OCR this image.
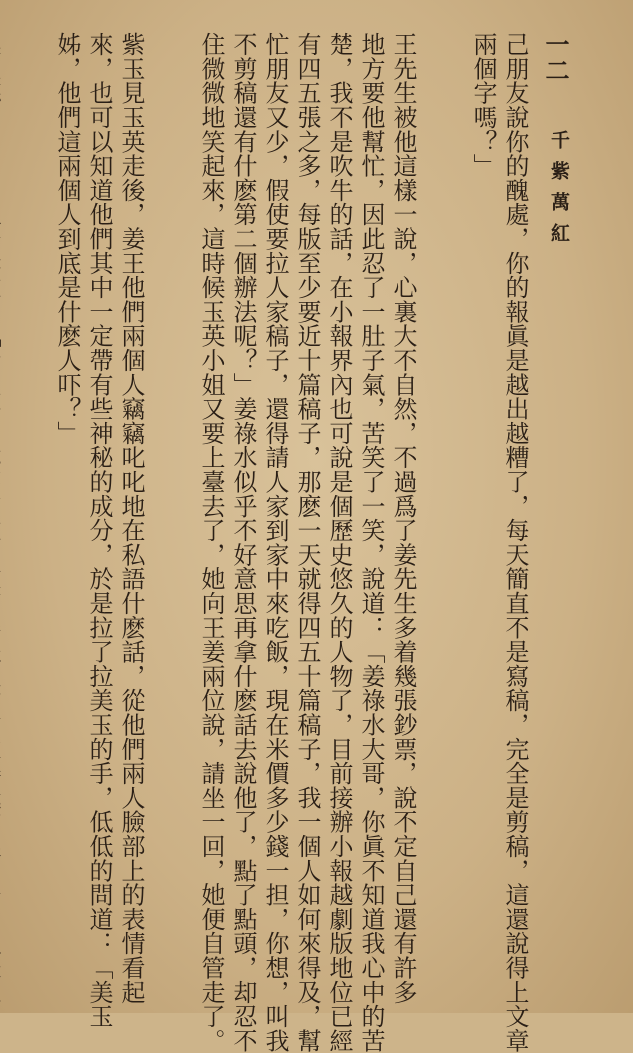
一二
千紫萬紅
己朋友說你的醜處，你的報眞是越出越糟了，每天簡直不是寫稿，完全是剪稿，這還說得上文章
兩個字嗎？」
王先生被他這樣一說，心裏大不自然，不過爲了姜先生多着幾張鈔票，說不定自己還有許多
地方要他幫忙，因此忍了一肚子氣，苦笑了一笑，說道：「姜祿水大哥，你眞不知道我心中的苦
楚，我不是吹牛的話，在小報界內也可說是個歷史悠久的人物了，目前接辦小報越劇版地位已經
有四五張之多，每版至少要近十篇稿子，那麽一天就得四五十篇稿子，我一個人如何來得及，幫
忙朋友又少，假使要拉人家稿子，還得請人家到家中來吃飯，現在米價多少錢一担，你想，叫我
不剪稿還有什麽第二個辦法呢？」姜祿水似乎不好意思再拿什麽話去說他了，點了點頭，却忍不
住微微地笑起來，這時候玉英小姐又要上臺去了，她向王姜兩位說，請坐一回，她便自管走了。
紫玉見玉英走後，姜王他們兩個人竊竊叱叱地在私語什麽話，從他們兩人臉部上的表情看起
來，也可以知道他們其中一定帶有些神秘的成分，於是拉了拉美玉的手，低低的問道：「美玉
姊，他們這兩個人到底是什麽人吓？」
